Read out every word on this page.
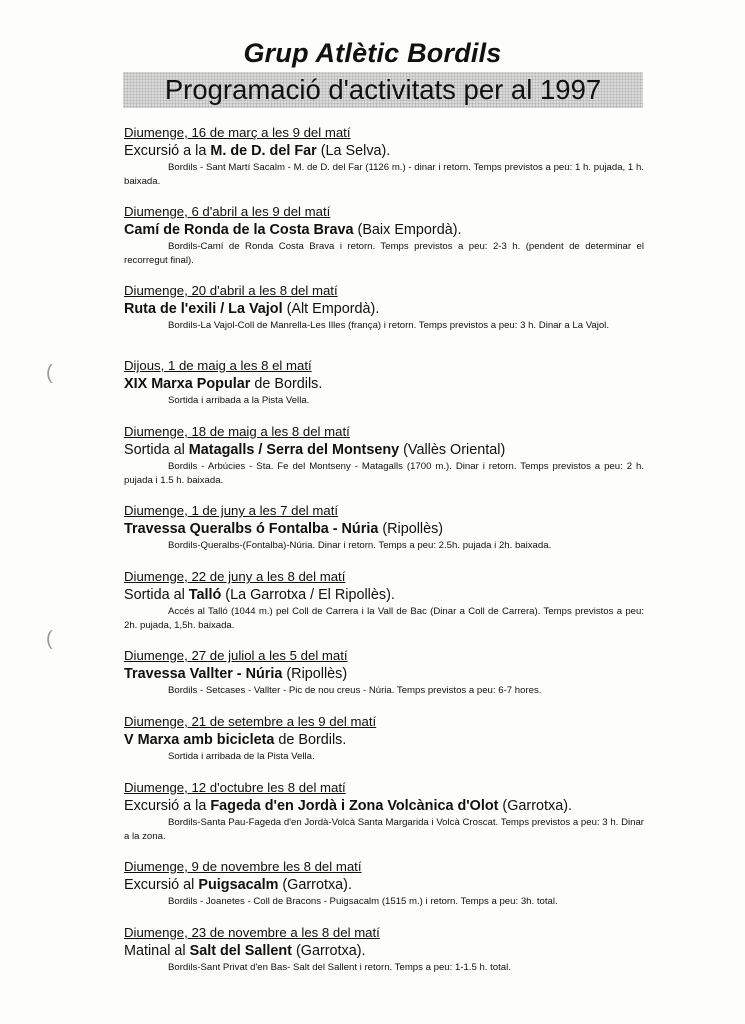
Grup Atlètic Bordils
Programació d'activitats per al 1997
(
(
Diumenge, 16 de març a les 9 del matí
Excursió a la M. de D. del Far (La Selva).
Bordils - Sant Martí Sacalm - M. de D. del Far (1126 m.) - dinar i retorn. Temps previstos a peu: 1 h. pujada, 1 h. baixada.
Diumenge, 6 d'abril a les 9 del matí
Camí de Ronda de la Costa Brava (Baix Empordà).
Bordils-Camí de Ronda Costa Brava i retorn. Temps previstos a peu: 2-3 h. (pendent de determinar el recorregut final).
Diumenge, 20 d'abril a les 8 del matí
Ruta de l'exili / La Vajol (Alt Empordà).
Bordils-La Vajol-Coll de Manrella-Les Illes (frança) i retorn. Temps previstos a peu: 3 h. Dinar a La Vajol.
Dijous, 1 de maig a les 8 el matí
XIX Marxa Popular de Bordils.
Sortida i arribada a la Pista Vella.
Diumenge, 18 de maig a les 8 del matí
Sortida al Matagalls / Serra del Montseny (Vallès Oriental)
Bordils - Arbúcies - Sta. Fe del Montseny - Matagalls (1700 m.). Dinar i retorn. Temps previstos a peu: 2 h. pujada i 1.5 h. baixada.
Diumenge, 1 de juny a les 7 del matí
Travessa Queralbs ó Fontalba - Núria (Ripollès)
Bordils-Queralbs-(Fontalba)-Núria. Dinar i retorn. Temps a peu: 2.5h. pujada i 2h. baixada.
Diumenge, 22 de juny a les 8 del matí
Sortida al Talló (La Garrotxa / El Ripollès).
Accés al Talló (1044 m.) pel Coll de Carrera i la Vall de Bac (Dinar a Coll de Carrera). Temps previstos a peu: 2h. pujada, 1,5h. baixada.
Diumenge, 27 de juliol a les 5 del matí
Travessa Vallter - Núria (Ripollès)
Bordils - Setcases - Vallter - Pic de nou creus - Núria. Temps previstos a peu: 6-7 hores.
Diumenge, 21 de setembre a les 9 del matí
V Marxa amb bicicleta de Bordils.
Sortida i arribada de la Pista Vella.
Diumenge, 12 d'octubre les 8 del matí
Excursió a la Fageda d'en Jordà i Zona Volcànica d'Olot (Garrotxa).
Bordils-Santa Pau-Fageda d'en Jordà-Volcà Santa Margarida i Volcà Croscat. Temps previstos a peu: 3 h. Dinar a la zona.
Diumenge, 9 de novembre les 8 del matí
Excursió al Puigsacalm (Garrotxa).
Bordils - Joanetes - Coll de Bracons - Puigsacalm (1515 m.) i retorn. Temps a peu: 3h. total.
Diumenge, 23 de novembre a les 8 del matí
Matinal al Salt del Sallent (Garrotxa).
Bordils-Sant Privat d'en Bas- Salt del Sallent i retorn. Temps a peu: 1-1.5 h. total.
